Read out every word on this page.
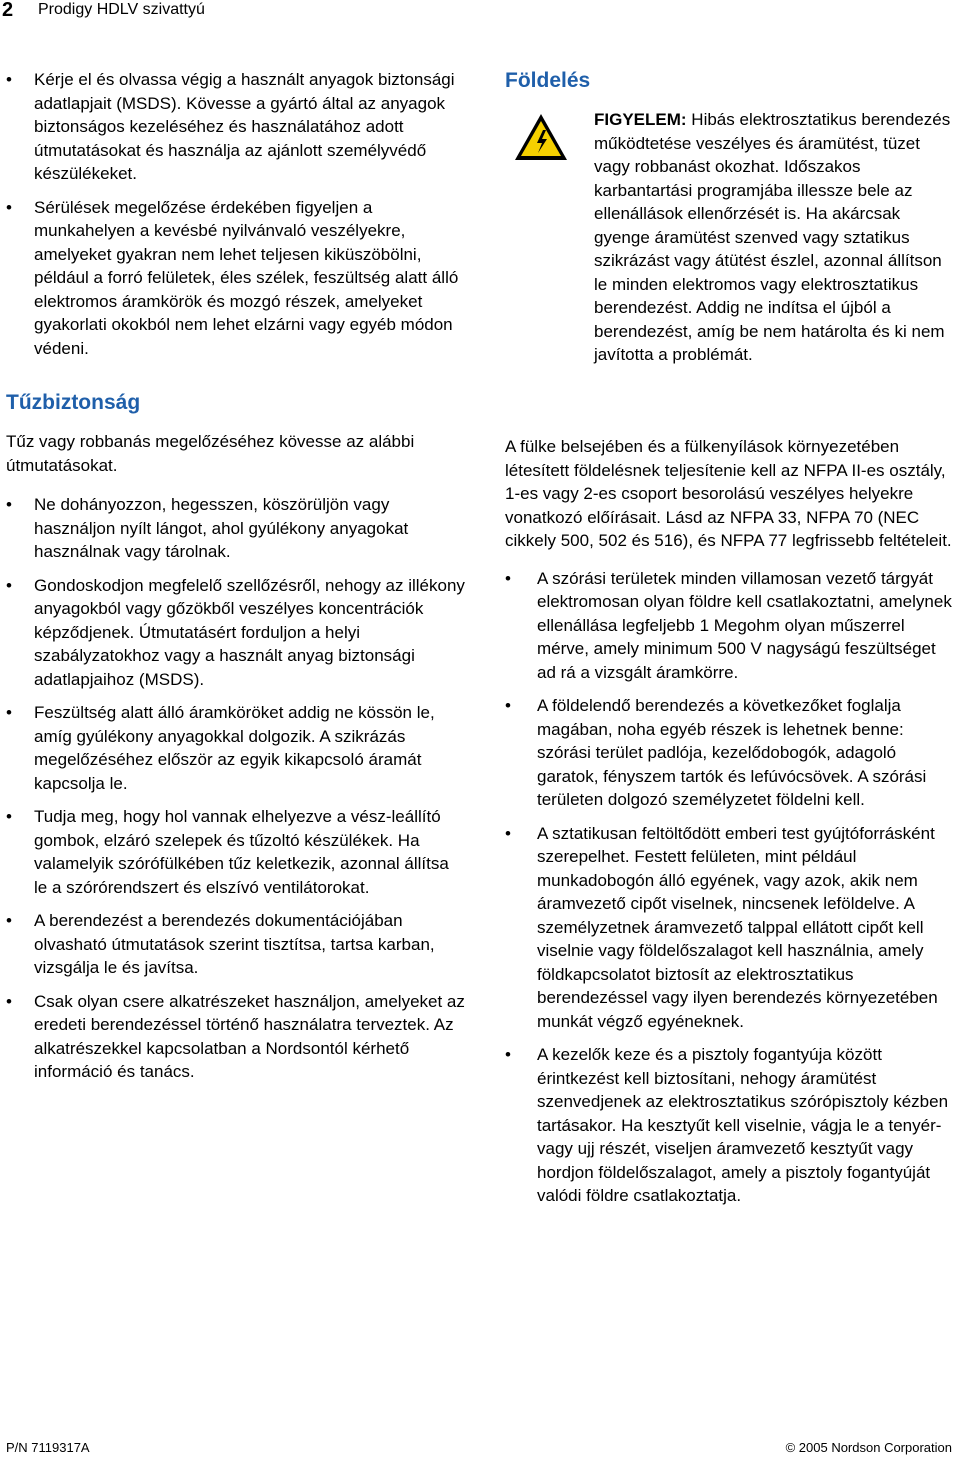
2 Prodigy HDLV szivattyú
• Kérje el és olvassa végig a használt anyagok biztonsági adatlapjait (MSDS). Kövesse a gyártó által az anyagok biztonságos kezeléséhez és használatához adott útmutatásokat és használja az ajánlott személyvédő készülékeket.
• Sérülések megelőzése érdekében figyeljen a munkahelyen a kevésbé nyilvánvaló veszélyekre, amelyeket gyakran nem lehet teljesen kiküszöbölni, például a forró felületek, éles szélek, feszültség alatt álló elektromos áramkörök és mozgó részek, amelyeket gyakorlati okokból nem lehet elzárni vagy egyéb módon védeni.
Tűzbiztonság

Tűz vagy robbanás megelőzéséhez kövesse az alábbi útmutatásokat.

• Ne dohányozzon, hegesszen, köszörüljön vagy használjon nyílt lángot, ahol gyúlékony anyagokat használnak vagy tárolnak.
• Gondoskodjon megfelelő szellőzésről, nehogy az illékony anyagokból vagy gőzökből veszélyes koncentrációk képződjenek. Útmutatásért forduljon a helyi szabályzatokhoz vagy a használt anyag biztonsági adatlapjaihoz (MSDS).
• Feszültség alatt álló áramköröket addig ne kössön le, amíg gyúlékony anyagokkal dolgozik. A szikrázás megelőzéséhez először az egyik kikapcsoló áramát kapcsolja le.
• Tudja meg, hogy hol vannak elhelyezve a vész-leállító gombok, elzáró szelepek és tűzoltó készülékek. Ha valamelyik szórófülkében tűz keletkezik, azonnal állítsa le a szórórendszert és elszívó ventilátorokat.
• A berendezést a berendezés dokumentációjában olvasható útmutatások szerint tisztítsa, tartsa karban, vizsgálja le és javítsa.
• Csak olyan csere alkatrészeket használjon, amelyeket az eredeti berendezéssel történő használatra terveztek. Az alkatrészekkel kapcsolatban a Nordsontól kérhető információ és tanács.
Földelés
FIGYELEM: Hibás elektrosztatikus berendezés működtetése veszélyes és áramütést, tüzet vagy robbanást okozhat. Időszakos karbantartási programjába illessze bele az ellenállások ellenőrzését is. Ha akárcsak gyenge áramütést szenved vagy sztatikus szikrázást vagy átütést észlel, azonnal állítson le minden elektromos vagy elektrosztatikus berendezést. Addig ne indítsa el újból a berendezést, amíg be nem határolta és ki nem javította a problémát.

A fülke belsejében és a fülkenyílások környezetében létesített földelésnek teljesítenie kell az NFPA II-es osztály, 1-es vagy 2-es csoport besorolású veszélyes helyekre vonatkozó előírásait. Lásd az NFPA 33, NFPA 70 (NEC cikkely 500, 502 és 516), és NFPA 77 legfrissebb feltételeit.

• A szórási területek minden villamosan vezető tárgyát elektromosan olyan földre kell csatlakoztatni, amelynek ellenállása legfeljebb 1 Megohm olyan műszerrel mérve, amely minimum 500 V nagyságú feszültséget ad rá a vizsgált áramkörre.
• A földelendő berendezés a következőket foglalja magában, noha egyéb részek is lehetnek benne: szórási terület padlója, kezelődobogók, adagoló garatok, fényszem tartók és lefúvócsövek. A szórási területen dolgozó személyzetet földelni kell.
• A sztatikusan feltöltődött emberi test gyújtóforrásként szerepelhet. Festett felületen, mint például munkadobogón álló egyének, vagy azok, akik nem áramvezető cipőt viselnek, nincsenek leföldelve. A személyzetnek áramvezető talppal ellátott cipőt kell viselnie vagy földelőszalagot kell használnia, amely földkapcsolatot biztosít az elektrosztatikus berendezéssel vagy ilyen berendezés környezetében munkát végző egyéneknek.
• A kezelők keze és a pisztoly fogantyúja között érintkezést kell biztosítani, nehogy áramütést szenvedjenek az elektrosztatikus szórópisztoly kézben tartásakor. Ha kesztyűt kell viselnie, vágja le a tenyér- vagy ujj részét, viseljen áramvezető kesztyűt vagy hordjon földelőszalagot, amely a pisztoly fogantyúját valódi földre csatlakoztatja.
P/N 7119317A	© 2005 Nordson Corporation
